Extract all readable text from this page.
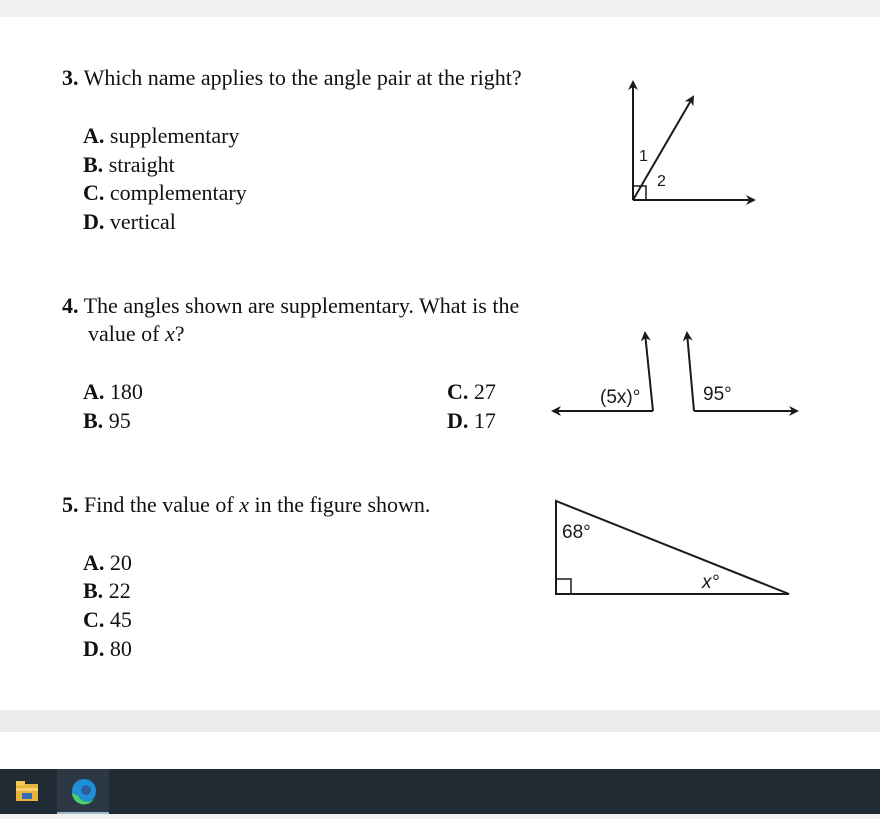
3. Which name applies to the angle pair at the right?
A. supplementary
B. straight
C. complementary
D. vertical
1
2
4. The angles shown are supplementary. What is the
value of x?
A. 180
B. 95
C. 27
D. 17
(5x)°	95°
5. Find the value of x in the figure shown.
A. 20
B. 22
C. 45
D. 80
68°
x°
